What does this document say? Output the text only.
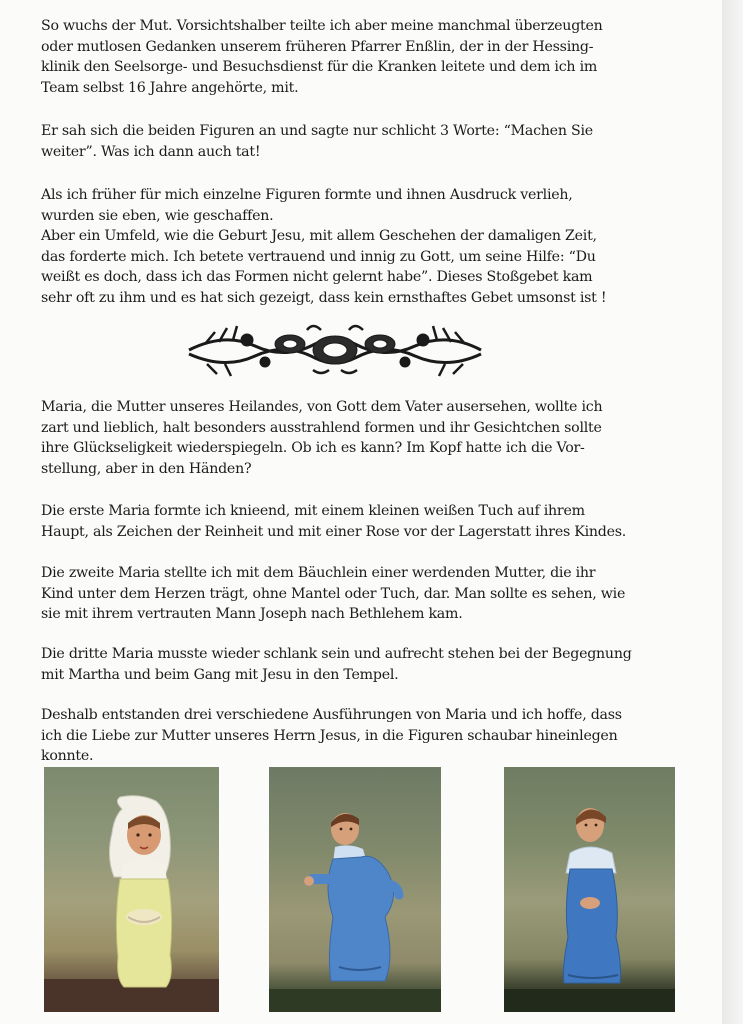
So wuchs der Mut. Vorsichtshalber teilte ich aber meine manchmal überzeugten
oder mutlosen Gedanken unserem früheren Pfarrer Enßlin, der in der Hessing-
klinik den Seelsorge- und Besuchsdienst für die Kranken leitete und dem ich im
Team selbst 16 Jahre angehörte, mit.
Er sah sich die beiden Figuren an und sagte nur schlicht 3 Worte: “Machen Sie
weiter”. Was ich dann auch tat!
Als ich früher für mich einzelne Figuren formte und ihnen Ausdruck verlieh,
wurden sie eben, wie geschaffen.
Aber ein Umfeld, wie die Geburt Jesu, mit allem Geschehen der damaligen Zeit,
das forderte mich. Ich betete vertrauend und innig zu Gott, um seine Hilfe: “Du
weißt es doch, dass ich das Formen nicht gelernt habe”. Dieses Stoßgebet kam
sehr oft zu ihm und es hat sich gezeigt, dass kein ernsthaftes Gebet umsonst ist !
Maria, die Mutter unseres Heilandes, von Gott dem Vater ausersehen, wollte ich
zart und lieblich, halt besonders ausstrahlend formen und ihr Gesichtchen sollte
ihre Glückseligkeit wiederspiegeln. Ob ich es kann? Im Kopf hatte ich die Vor-
stellung, aber in den Händen?
Die erste Maria formte ich knieend, mit einem kleinen weißen Tuch auf ihrem
Haupt, als Zeichen der Reinheit und mit einer Rose vor der Lagerstatt ihres Kindes.
Die zweite Maria stellte ich mit dem Bäuchlein einer werdenden Mutter, die ihr
Kind unter dem Herzen trägt, ohne Mantel oder Tuch, dar. Man sollte es sehen, wie
sie mit ihrem vertrauten Mann Joseph nach Bethlehem kam.
Die dritte Maria musste wieder schlank sein und aufrecht stehen bei der Begegnung
mit Martha und beim Gang mit Jesu in den Tempel.
Deshalb entstanden drei verschiedene Ausführungen von Maria und ich hoffe, dass
ich die Liebe zur Mutter unseres Herrn Jesus, in die Figuren schaubar hineinlegen
konnte.
